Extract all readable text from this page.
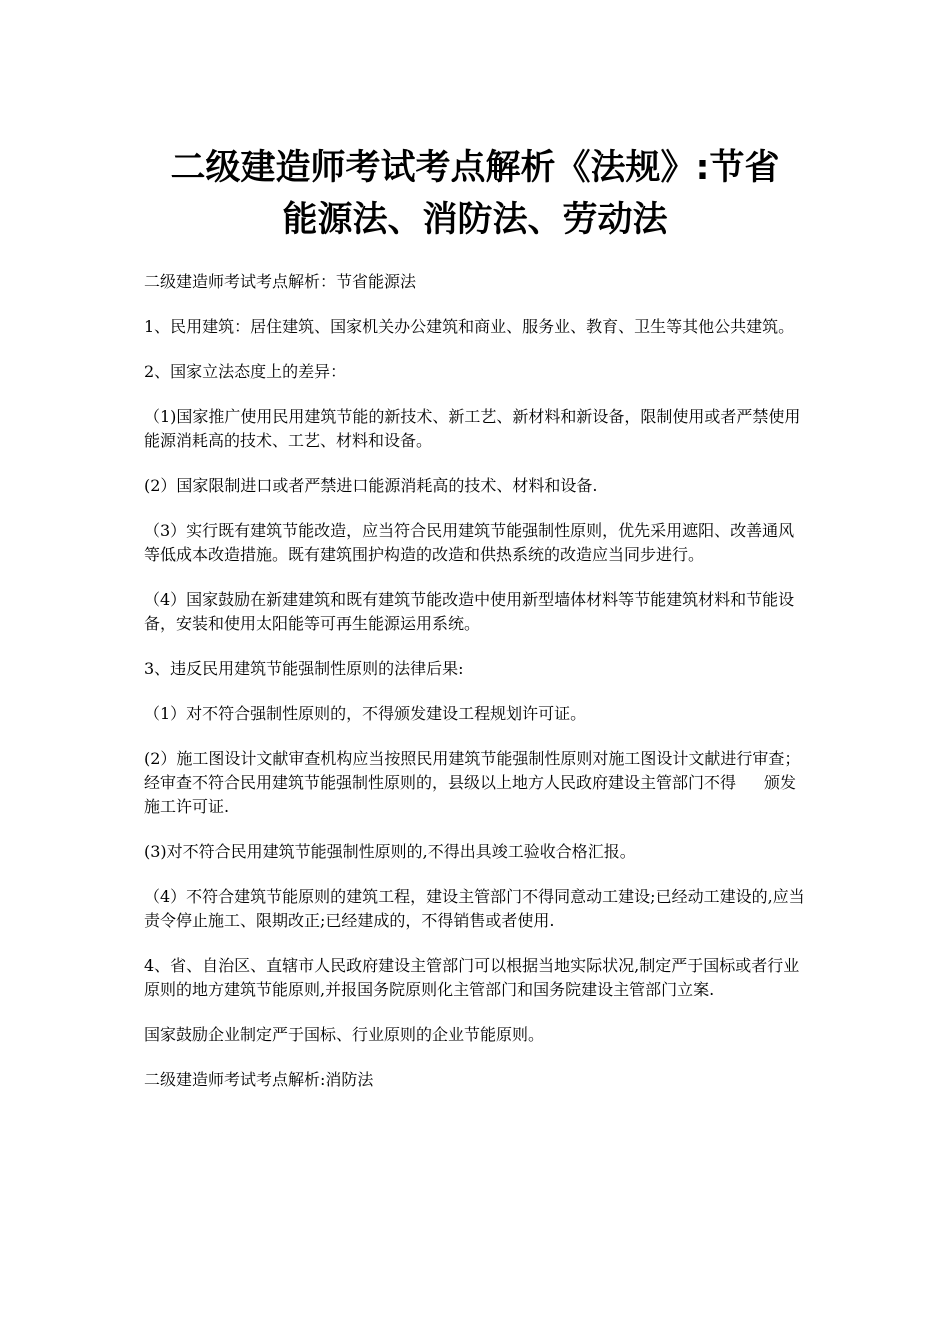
二级建造师考试考点解析《法规》:节省
能源法、消防法、劳动法

二级建造师考试考点解析：节省能源法

1、民用建筑：居住建筑、国家机关办公建筑和商业、服务业、教育、卫生等其他公共建筑。

2、国家立法态度上的差异：

（1)国家推广使用民用建筑节能的新技术、新工艺、新材料和新设备，限制使用或者严禁使用能源消耗高的技术、工艺、材料和设备。

(2）国家限制进口或者严禁进口能源消耗高的技术、材料和设备.

（3）实行既有建筑节能改造，应当符合民用建筑节能强制性原则，优先采用遮阳、改善通风等低成本改造措施。既有建筑围护构造的改造和供热系统的改造应当同步进行。

（4）国家鼓励在新建建筑和既有建筑节能改造中使用新型墙体材料等节能建筑材料和节能设备，安装和使用太阳能等可再生能源运用系统。

3、违反民用建筑节能强制性原则的法律后果:

（1）对不符合强制性原则的，不得颁发建设工程规划许可证。

(2）施工图设计文献审查机构应当按照民用建筑节能强制性原则对施工图设计文献进行审查；经审查不符合民用建筑节能强制性原则的，县级以上地方人民政府建设主管部门不得 颁发施工许可证.

(3)对不符合民用建筑节能强制性原则的,不得出具竣工验收合格汇报。

（4）不符合建筑节能原则的建筑工程，建设主管部门不得同意动工建设;已经动工建设的,应当责令停止施工、限期改正;已经建成的，不得销售或者使用.

4、省、自治区、直辖市人民政府建设主管部门可以根据当地实际状况,制定严于国标或者行业原则的地方建筑节能原则,并报国务院原则化主管部门和国务院建设主管部门立案.

国家鼓励企业制定严于国标、行业原则的企业节能原则。

二级建造师考试考点解析:消防法
